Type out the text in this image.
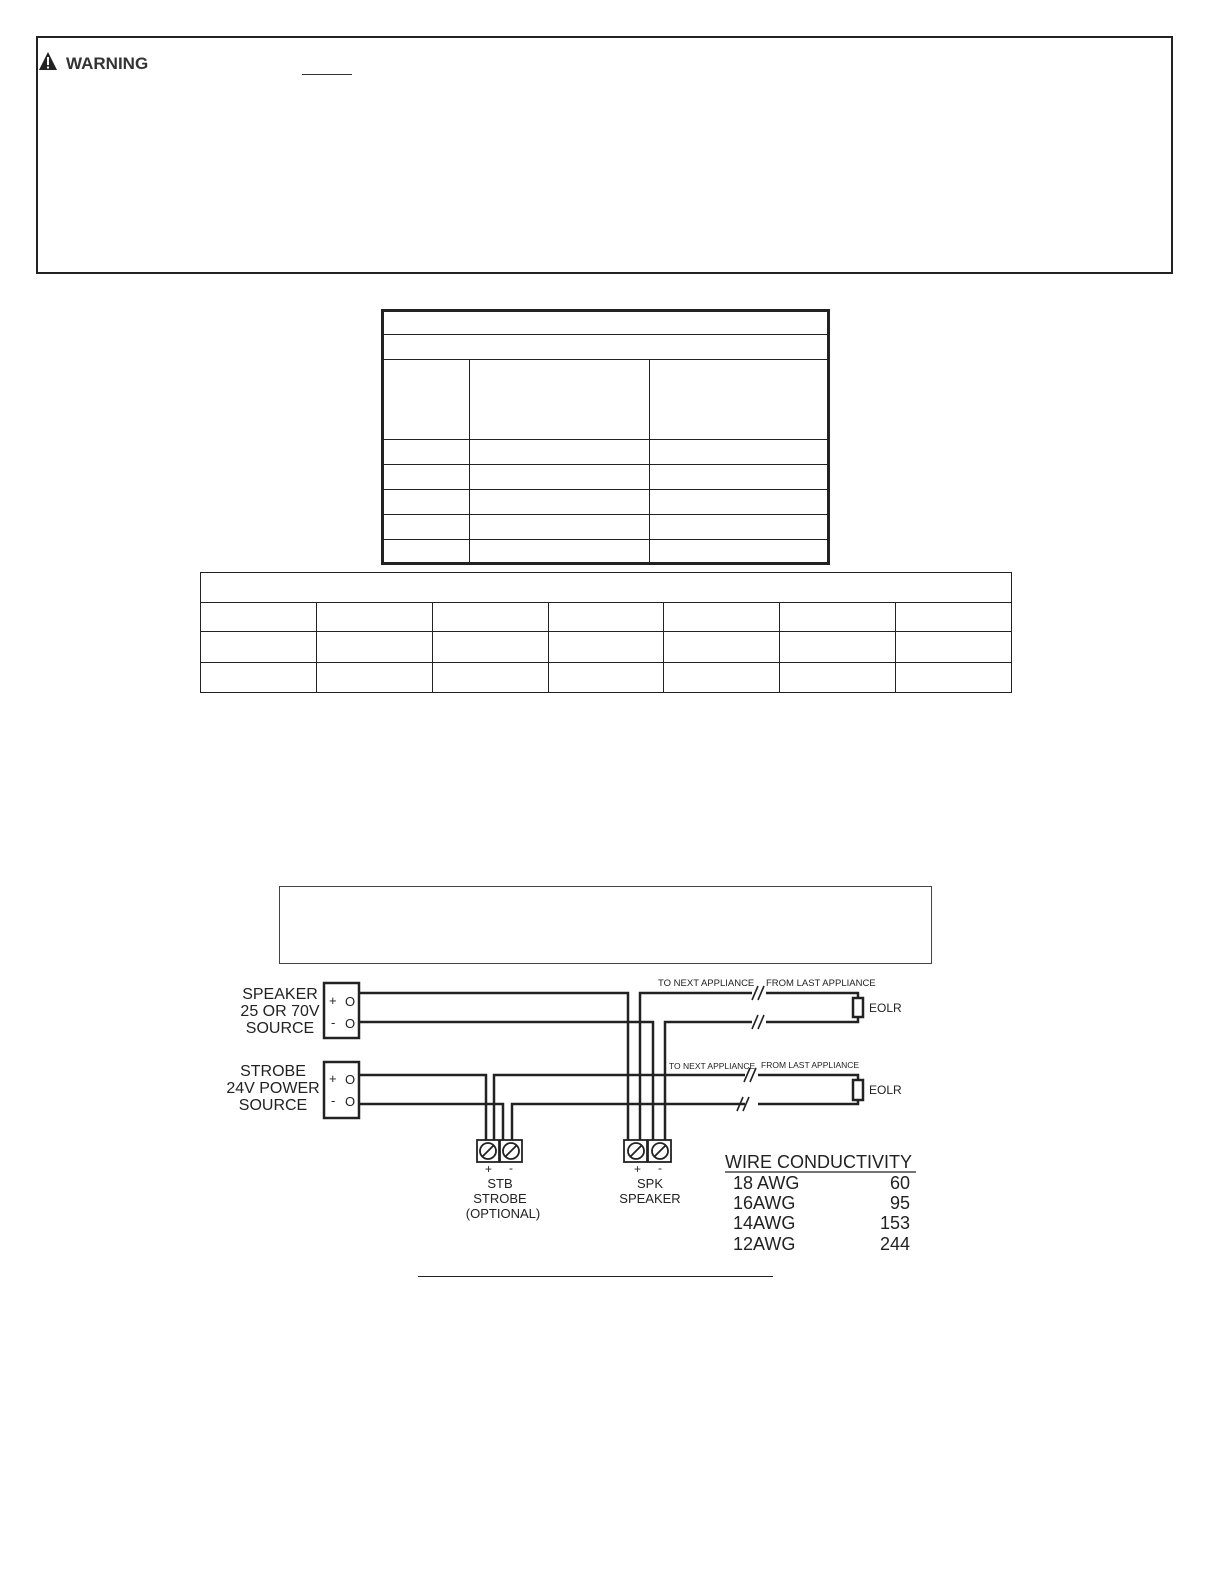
WARNING

SPEAKER
25 OR 70V
SOURCE
+
-
O
O
STROBE
24V POWER
SOURCE
+
-
O
O
TO NEXT APPLIANCE FROM LAST APPLIANCE
EOLR
TO NEXT APPLIANCE FROM LAST APPLIANCE
EOLR
+ -
STB
STROBE
(OPTIONAL)
+ -
SPK
SPEAKER
WIRE CONDUCTIVITY
18 AWG	60
16AWG	95
14AWG	153
12AWG	244
